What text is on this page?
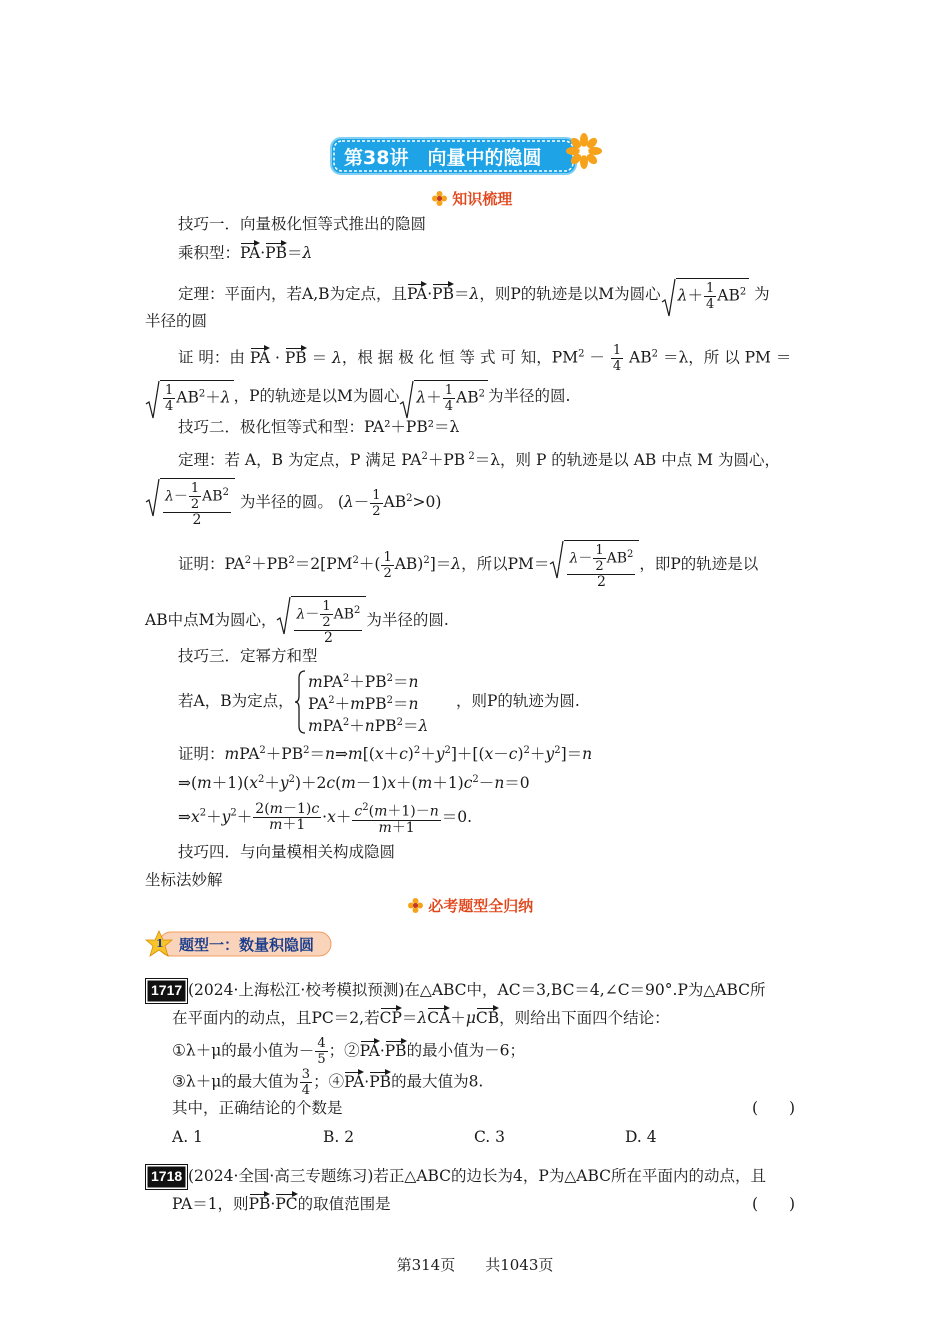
第38讲　向量中的隐圆
知识梳理
技巧一．向量极化恒等式推出的隐圆
乘积型：PA·PB＝λ
定理：平面内，若A,B为定点，且PA·PB＝λ，则P的轨迹是以M为圆心 $\lambda+ \frac{1}{4} AB^2$ 为
半径的圆
证 明：由 PA · PB ＝ λ，根 据 极 化 恒 等 式 可 知，$PM^2 - \frac{1}{4} AB^2 =\lambda$，所 以 PM ＝
$\frac{1}{4} AB^2+\lambda$ ，P的轨迹是以M为圆心 $\lambda+ \frac{1}{4} AB^2$ 为半径的圆.
技巧二．极化恒等式和型：PA²＋PB²＝λ
定理：若 A，B 为定点，P 满足 $PA^2+PB$ $^2$＝λ，则 P 的轨迹是以 AB 中点 M 为圆心，
$\frac{\lambda- \frac{1}{2} AB^2}{2}$ 为半径的圆。 $(\lambda- \frac{1}{2} AB^2>0)$
证明：$PA^2+PB^2=2[PM^2+( \frac{1}{2} AB)^2]=\lambda$，所以$PM= \frac{\lambda- \frac{1}{2} AB^2}{2}$ ，即P的轨迹是以
AB中点M为圆心， $\frac{\lambda- \frac{1}{2} AB^2}{2}$ 为半径的圆.
技巧三．定幂方和型
若A，B为定点，
$mPA^2+PB^2=n$
$PA^2+mPB^2=n$ ，则P的轨迹为圆.
mPA$^2$＋nPB$^2$＝λ
证明：$mPA^2+PB^2=n\Rightarrow m[(x+c)^2+y^2]+[(x-c)^2+y^2]=n$
$\Rightarrow(m+1)(x^2+y^2)+2c(m-1)x+(m+1)c^2-n=0$
$\Rightarrow x^2+y^2+ \frac{2(m-1)c}{m+1} \cdot x+ \frac{c^2(m+1)-n}{m+1} =0$.
技巧四．与向量模相关构成隐圆
坐标法妙解
必考题型全归纳
1 题型一：数量积隐圆
1717 (2024·上海松江·校考模拟预测)在△ABC中，AC＝3,BC＝4,∠C＝90°.P为△ABC所
在平面内的动点，且PC＝2,若CP＝λCA＋μCB，则给出下面四个结论：
①λ＋μ的最小值为－ $\frac{4}{5}$ ；②PA·PB的最小值为－6；
③λ＋μ的最大值为 $\frac{3}{4}$ ；④PA·PB的最大值为8.
其中，正确结论的个数是	(　　)
A. 1	B. 2	C. 3	D. 4
1718 (2024·全国·高三专题练习)若正△ABC的边长为4，P为△ABC所在平面内的动点，且
PA＝1，则PB·PC的取值范围是	(　　)
第314页　　共1043页
